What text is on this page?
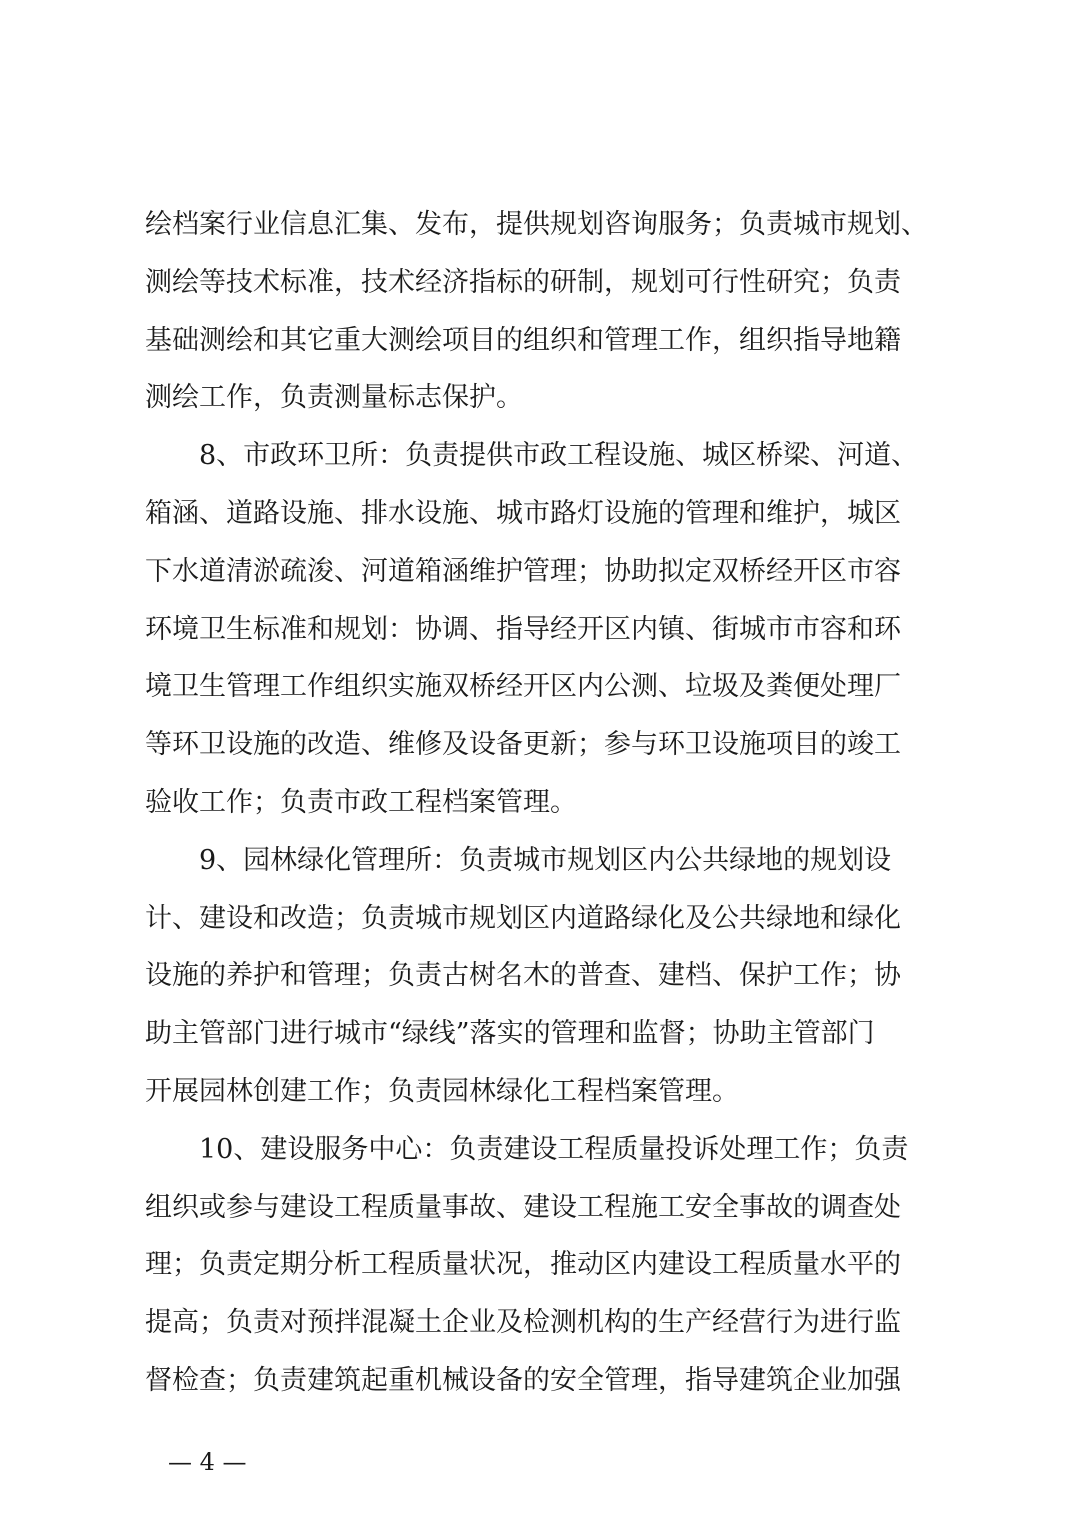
绘档案行业信息汇集、发布，提供规划咨询服务；负责城市规划、
测绘等技术标准，技术经济指标的研制，规划可行性研究；负责
基础测绘和其它重大测绘项目的组织和管理工作，组织指导地籍
测绘工作，负责测量标志保护。
8、市政环卫所：负责提供市政工程设施、城区桥梁、河道、
箱涵、道路设施、排水设施、城市路灯设施的管理和维护，城区
下水道清淤疏浚、河道箱涵维护管理；协助拟定双桥经开区市容
环境卫生标准和规划：协调、指导经开区内镇、街城市市容和环
境卫生管理工作组织实施双桥经开区内公测、垃圾及粪便处理厂
等环卫设施的改造、维修及设备更新；参与环卫设施项目的竣工
验收工作；负责市政工程档案管理。
9、园林绿化管理所：负责城市规划区内公共绿地的规划设
计、建设和改造；负责城市规划区内道路绿化及公共绿地和绿化
设施的养护和管理；负责古树名木的普查、建档、保护工作；协
助主管部门进行城市“绿线”落实的管理和监督；协助主管部门
开展园林创建工作；负责园林绿化工程档案管理。
10、建设服务中心：负责建设工程质量投诉处理工作；负责
组织或参与建设工程质量事故、建设工程施工安全事故的调查处
理；负责定期分析工程质量状况，推动区内建设工程质量水平的
提高；负责对预拌混凝土企业及检测机构的生产经营行为进行监
督检查；负责建筑起重机械设备的安全管理，指导建筑企业加强
— 4 —
